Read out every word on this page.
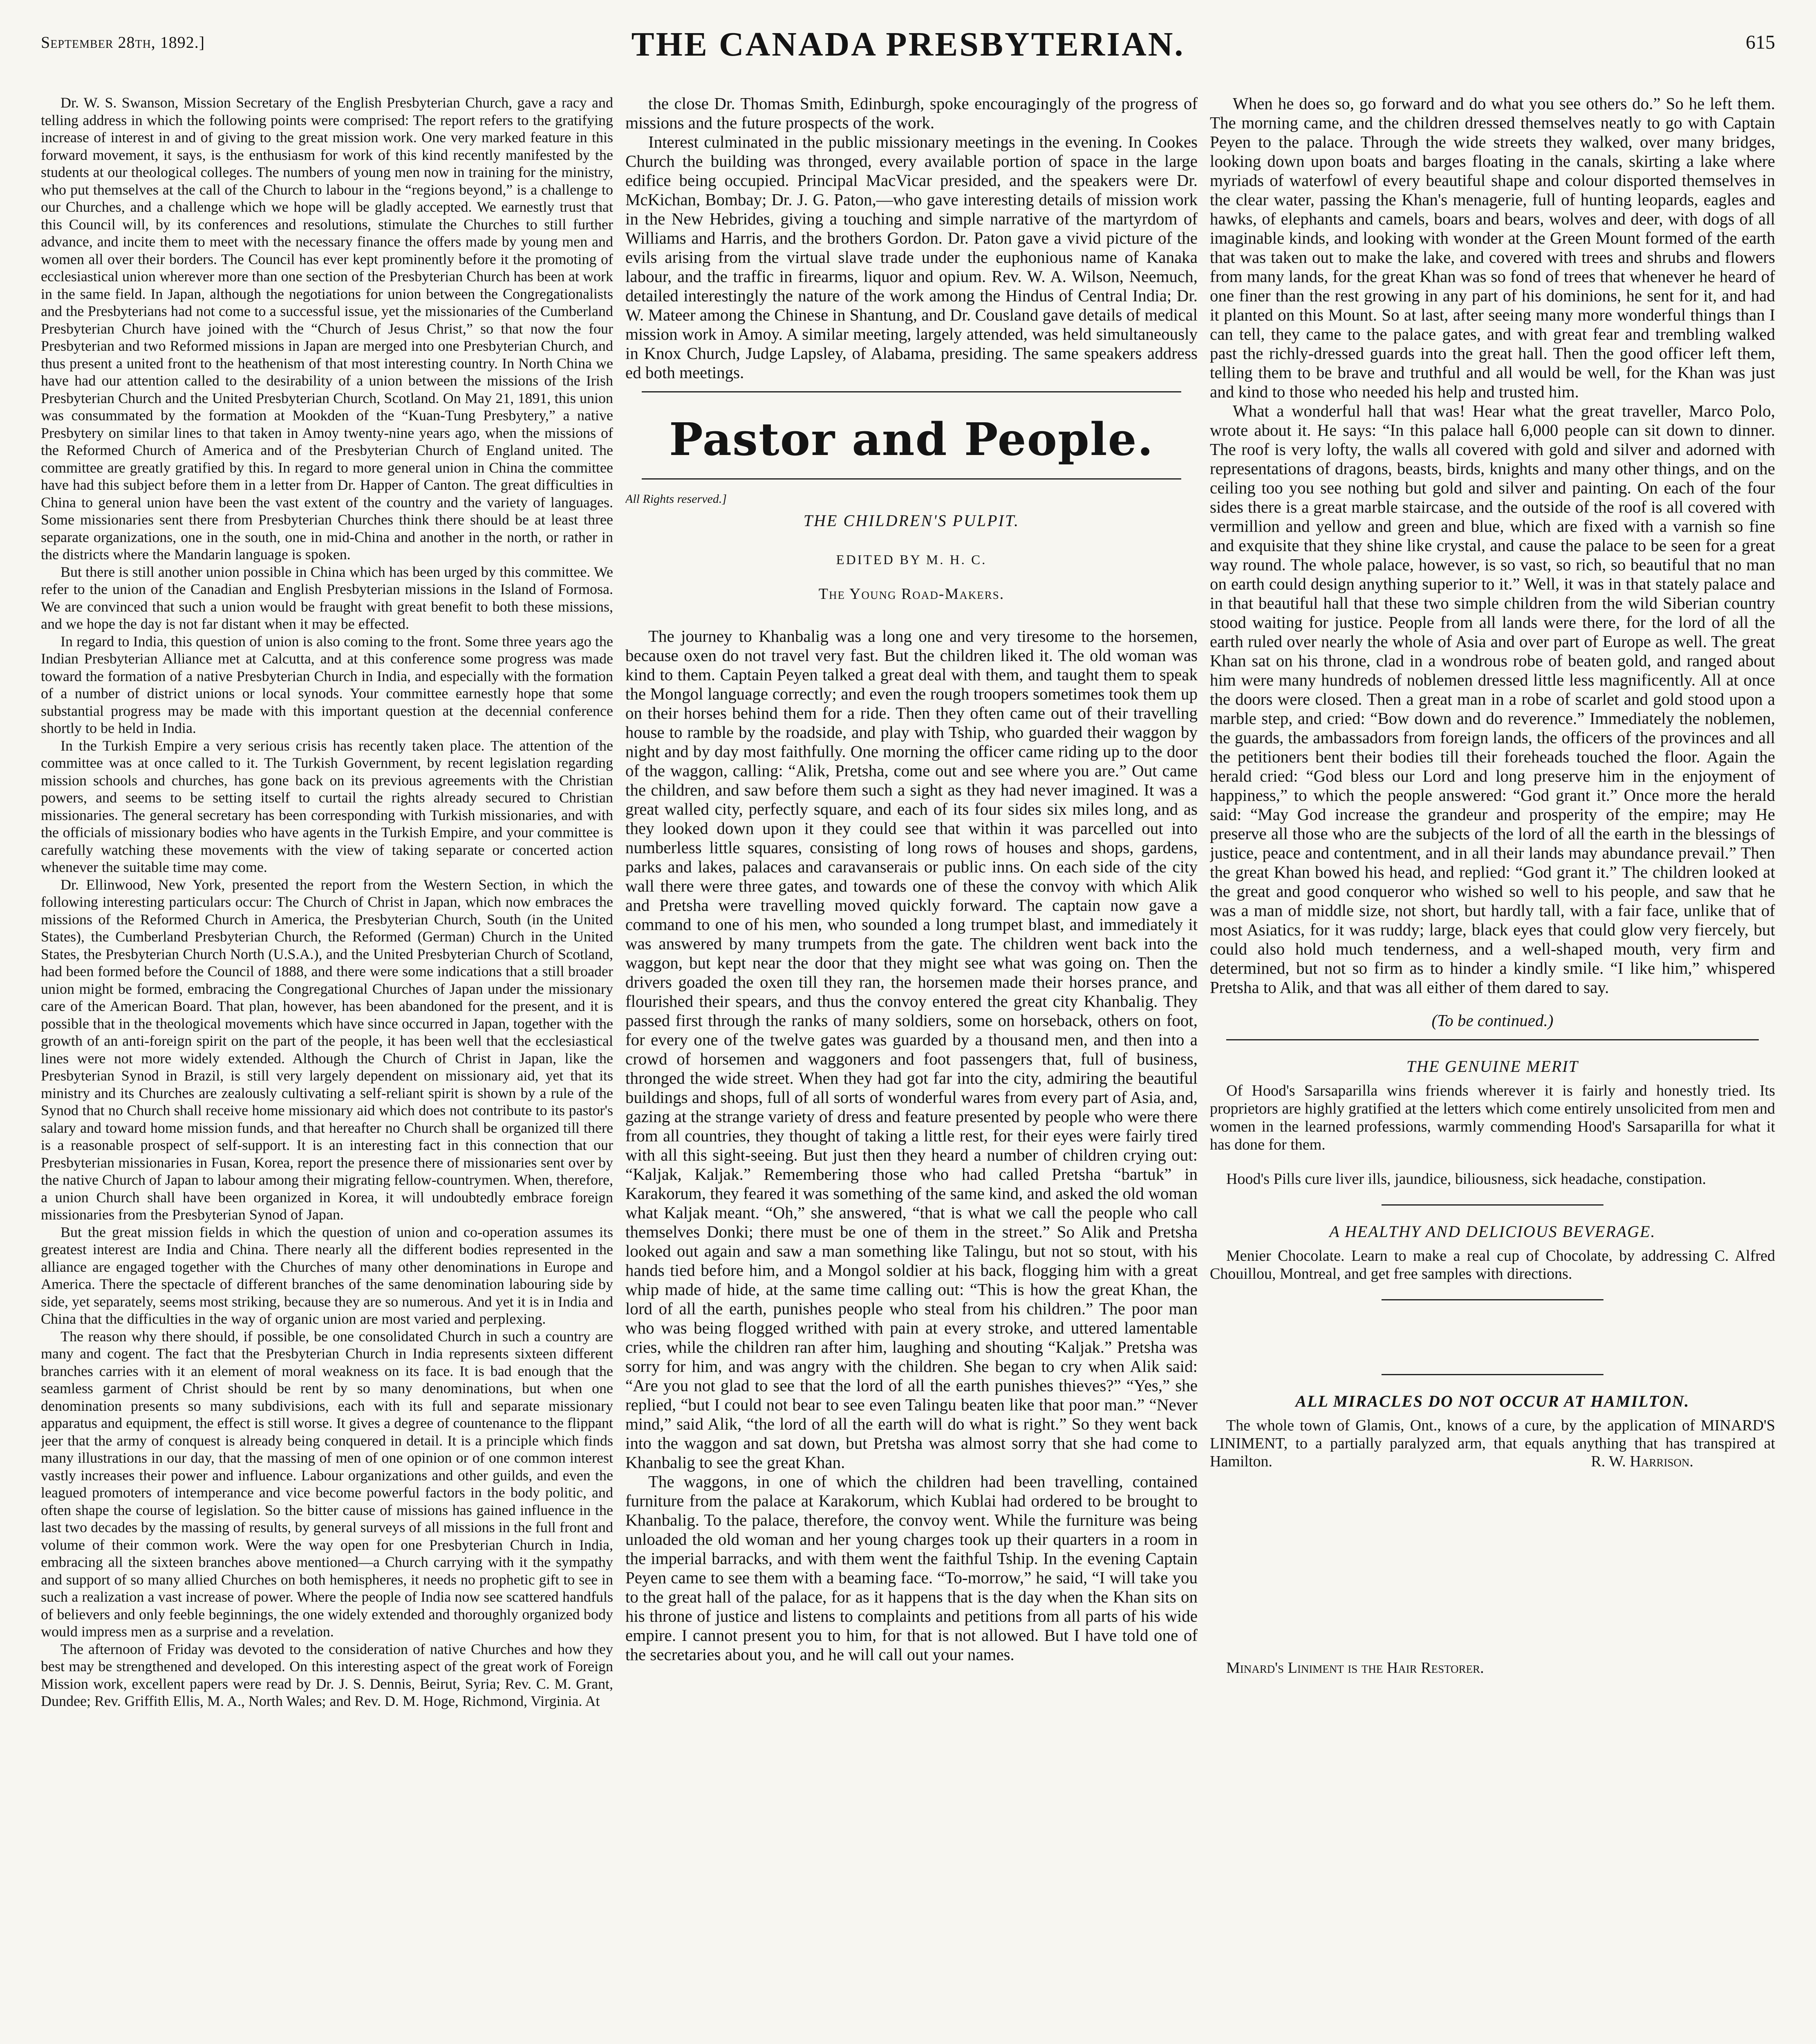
September 28th, 1892.]	THE CANADA PRESBYTERIAN.	615

Dr. W. S. Swanson, Mission Secretary of the English Presbyterian Church, gave a racy and telling address in which the following points were comprised: The report refers to the gratifying increase of interest in and of giving to the great mission work. One very marked feature in this forward movement, it says, is the enthusiasm for work of this kind recently manifested by the students at our theological colleges. The numbers of young men now in training for the ministry, who put themselves at the call of the Church to labour in the “regions beyond,” is a challenge to our Churches, and a challenge which we hope will be gladly accepted. We earnestly trust that this Council will, by its conferences and resolutions, stimulate the Churches to still further advance, and incite them to meet with the necessary finance the offers made by young men and women all over their borders. The Council has ever kept prominently before it the promoting of ecclesiastical union wherever more than one section of the Presbyterian Church has been at work in the same field. In Japan, although the negotiations for union between the Congregationalists and the Presbyterians had not come to a successful issue, yet the missionaries of the Cumberland Presbyterian Church have joined with the “Church of Jesus Christ,” so that now the four Presbyterian and two Reformed missions in Japan are merged into one Presbyterian Church, and thus present a united front to the heathenism of that most interesting country. In North China we have had our attention called to the desirability of a union between the missions of the Irish Presbyterian Church and the United Presbyterian Church, Scotland. On May 21, 1891, this union was consummated by the formation at Mookden of the “Kuan-Tung Presbytery,” a native Presbytery on similar lines to that taken in Amoy twenty-nine years ago, when the missions of the Reformed Church of America and of the Presbyterian Church of England united. The committee are greatly gratified by this. In regard to more general union in China the committee have had this subject before them in a letter from Dr. Happer of Canton. The great difficulties in China to general union have been the vast extent of the country and the variety of languages. Some missionaries sent there from Presbyterian Churches think there should be at least three separate organizations, one in the south, one in mid-China and another in the north, or rather in the districts where the Mandarin language is spoken.

But there is still another union possible in China which has been urged by this committee. We refer to the union of the Canadian and English Presbyterian missions in the Island of Formosa. We are convinced that such a union would be fraught with great benefit to both these missions, and we hope the day is not far distant when it may be effected.

In regard to India, this question of union is also coming to the front. Some three years ago the Indian Presbyterian Alliance met at Calcutta, and at this conference some progress was made toward the formation of a native Presbyterian Church in India, and especially with the formation of a number of district unions or local synods. Your committee earnestly hope that some substantial progress may be made with this important question at the decennial conference shortly to be held in India.

In the Turkish Empire a very serious crisis has recently taken place. The attention of the committee was at once called to it. The Turkish Government, by recent legislation regarding mission schools and churches, has gone back on its previous agreements with the Christian powers, and seems to be setting itself to curtail the rights already secured to Christian missionaries. The general secretary has been corresponding with Turkish missionaries, and with the officials of missionary bodies who have agents in the Turkish Empire, and your committee is carefully watching these movements with the view of taking separate or concerted action whenever the suitable time may come.

Dr. Ellinwood, New York, presented the report from the Western Section, in which the following interesting particulars occur: The Church of Christ in Japan, which now embraces the missions of the Reformed Church in America, the Presbyterian Church, South (in the United States), the Cumberland Presbyterian Church, the Reformed (German) Church in the United States, the Presbyterian Church North (U.S.A.), and the United Presbyterian Church of Scotland, had been formed before the Council of 1888, and there were some indications that a still broader union might be formed, embracing the Congregational Churches of Japan under the missionary care of the American Board. That plan, however, has been abandoned for the present, and it is possible that in the theological movements which have since occurred in Japan, together with the growth of an anti-foreign spirit on the part of the people, it has been well that the ecclesiastical lines were not more widely extended. Although the Church of Christ in Japan, like the Presbyterian Synod in Brazil, is still very largely dependent on missionary aid, yet that its ministry and its Churches are zealously cultivating a self-reliant spirit is shown by a rule of the Synod that no Church shall receive home missionary aid which does not contribute to its pastor's salary and toward home mission funds, and that hereafter no Church shall be organized till there is a reasonable prospect of self-support. It is an interesting fact in this connection that our Presbyterian missionaries in Fusan, Korea, report the presence there of missionaries sent over by the native Church of Japan to labour among their migrating fellow-countrymen. When, therefore, a union Church shall have been organized in Korea, it will undoubtedly embrace foreign missionaries from the Presbyterian Synod of Japan.

But the great mission fields in which the question of union and co-operation assumes its greatest interest are India and China. There nearly all the different bodies represented in the alliance are engaged together with the Churches of many other denominations in Europe and America. There the spectacle of different branches of the same denomination labouring side by side, yet separately, seems most striking, because they are so numerous. And yet it is in India and China that the difficulties in the way of organic union are most varied and perplexing.

The reason why there should, if possible, be one consolidated Church in such a country are many and cogent. The fact that the Presbyterian Church in India represents sixteen different branches carries with it an element of moral weakness on its face. It is bad enough that the seamless garment of Christ should be rent by so many denominations, but when one denomination presents so many subdivisions, each with its full and separate missionary apparatus and equipment, the effect is still worse. It gives a degree of countenance to the flippant jeer that the army of conquest is already being conquered in detail. It is a principle which finds many illustrations in our day, that the massing of men of one opinion or of one common interest vastly increases their power and influence. Labour organizations and other guilds, and even the leagued promoters of intemperance and vice become powerful factors in the body politic, and often shape the course of legislation. So the bitter cause of missions has gained influence in the last two decades by the massing of results, by general surveys of all missions in the full front and volume of their common work. Were the way open for one Presbyterian Church in India, embracing all the sixteen branches above mentioned—a Church carrying with it the sympathy and support of so many allied Churches on both hemispheres, it needs no prophetic gift to see in such a realization a vast increase of power. Where the people of India now see scattered handfuls of believers and only feeble beginnings, the one widely extended and thoroughly organized body would impress men as a surprise and a revelation.

The afternoon of Friday was devoted to the consideration of native Churches and how they best may be strengthened and developed. On this interesting aspect of the great work of Foreign Mission work, excellent papers were read by Dr. J. S. Dennis, Beirut, Syria; Rev. C. M. Grant, Dundee; Rev. Griffith Ellis, M. A., North Wales; and Rev. D. M. Hoge, Richmond, Virginia. At

the close Dr. Thomas Smith, Edinburgh, spoke encouragingly of the progress of missions and the future prospects of the work.

Interest culminated in the public missionary meetings in the evening. In Cookes Church the building was thronged, every available portion of space in the large edifice being occupied. Principal MacVicar presided, and the speakers were Dr. McKichan, Bombay; Dr. J. G. Paton,—who gave interesting details of mission work in the New Hebrides, giving a touching and simple narrative of the martyrdom of Williams and Harris, and the brothers Gordon. Dr. Paton gave a vivid picture of the evils arising from the virtual slave trade under the euphonious name of Kanaka labour, and the traffic in firearms, liquor and opium. Rev. W. A. Wilson, Neemuch, detailed interestingly the nature of the work among the Hindus of Central India; Dr. W. Mateer among the Chinese in Shantung, and Dr. Cousland gave details of medical mission work in Amoy. A similar meeting, largely attended, was held simultaneously in Knox Church, Judge Lapsley, of Alabama, presiding. The same speakers address ed both meetings.

Pastor and People.
All Rights reserved.]
THE CHILDREN'S PULPIT.
EDITED BY M. H. C.
The Young Road-Makers.

The journey to Khanbalig was a long one and very tiresome to the horsemen, because oxen do not travel very fast. But the children liked it. The old woman was kind to them. Captain Peyen talked a great deal with them, and taught them to speak the Mongol language correctly; and even the rough troopers sometimes took them up on their horses behind them for a ride. Then they often came out of their travelling house to ramble by the roadside, and play with Tship, who guarded their waggon by night and by day most faithfully. One morning the officer came riding up to the door of the waggon, calling: “Alik, Pretsha, come out and see where you are.” Out came the children, and saw before them such a sight as they had never imagined. It was a great walled city, perfectly square, and each of its four sides six miles long, and as they looked down upon it they could see that within it was parcelled out into numberless little squares, consisting of long rows of houses and shops, gardens, parks and lakes, palaces and caravanserais or public inns. On each side of the city wall there were three gates, and towards one of these the convoy with which Alik and Pretsha were travelling moved quickly forward. The captain now gave a command to one of his men, who sounded a long trumpet blast, and immediately it was answered by many trumpets from the gate. The children went back into the waggon, but kept near the door that they might see what was going on. Then the drivers goaded the oxen till they ran, the horsemen made their horses prance, and flourished their spears, and thus the convoy entered the great city Khanbalig. They passed first through the ranks of many soldiers, some on horseback, others on foot, for every one of the twelve gates was guarded by a thousand men, and then into a crowd of horsemen and waggoners and foot passengers that, full of business, thronged the wide street. When they had got far into the city, admiring the beautiful buildings and shops, full of all sorts of wonderful wares from every part of Asia, and, gazing at the strange variety of dress and feature presented by people who were there from all countries, they thought of taking a little rest, for their eyes were fairly tired with all this sight-seeing. But just then they heard a number of children crying out: “Kaljak, Kaljak.” Remembering those who had called Pretsha “bartuk” in Karakorum, they feared it was something of the same kind, and asked the old woman what Kaljak meant. “Oh,” she answered, “that is what we call the people who call themselves Donki; there must be one of them in the street.” So Alik and Pretsha looked out again and saw a man something like Talingu, but not so stout, with his hands tied before him, and a Mongol soldier at his back, flogging him with a great whip made of hide, at the same time calling out: “This is how the great Khan, the lord of all the earth, punishes people who steal from his children.” The poor man who was being flogged writhed with pain at every stroke, and uttered lamentable cries, while the children ran after him, laughing and shouting “Kaljak.” Pretsha was sorry for him, and was angry with the children. She began to cry when Alik said: “Are you not glad to see that the lord of all the earth punishes thieves?” “Yes,” she replied, “but I could not bear to see even Talingu beaten like that poor man.” “Never mind,” said Alik, “the lord of all the earth will do what is right.” So they went back into the waggon and sat down, but Pretsha was almost sorry that she had come to Khanbalig to see the great Khan.

The waggons, in one of which the children had been travelling, contained furniture from the palace at Karakorum, which Kublai had ordered to be brought to Khanbalig. To the palace, therefore, the convoy went. While the furniture was being unloaded the old woman and her young charges took up their quarters in a room in the imperial barracks, and with them went the faithful Tship. In the evening Captain Peyen came to see them with a beaming face. “To-morrow,” he said, “I will take you to the great hall of the palace, for as it happens that is the day when the Khan sits on his throne of justice and listens to complaints and petitions from all parts of his wide empire. I cannot present you to him, for that is not allowed. But I have told one of the secretaries about you, and he will call out your names.

When he does so, go forward and do what you see others do.” So he left them. The morning came, and the children dressed themselves neatly to go with Captain Peyen to the palace. Through the wide streets they walked, over many bridges, looking down upon boats and barges floating in the canals, skirting a lake where myriads of waterfowl of every beautiful shape and colour disported themselves in the clear water, passing the Khan's menagerie, full of hunting leopards, eagles and hawks, of elephants and camels, boars and bears, wolves and deer, with dogs of all imaginable kinds, and looking with wonder at the Green Mount formed of the earth that was taken out to make the lake, and covered with trees and shrubs and flowers from many lands, for the great Khan was so fond of trees that whenever he heard of one finer than the rest growing in any part of his dominions, he sent for it, and had it planted on this Mount. So at last, after seeing many more wonderful things than I can tell, they came to the palace gates, and with great fear and trembling walked past the richly-dressed guards into the great hall. Then the good officer left them, telling them to be brave and truthful and all would be well, for the Khan was just and kind to those who needed his help and trusted him.

What a wonderful hall that was! Hear what the great traveller, Marco Polo, wrote about it. He says: “In this palace hall 6,000 people can sit down to dinner. The roof is very lofty, the walls all covered with gold and silver and adorned with representations of dragons, beasts, birds, knights and many other things, and on the ceiling too you see nothing but gold and silver and painting. On each of the four sides there is a great marble staircase, and the outside of the roof is all covered with vermillion and yellow and green and blue, which are fixed with a varnish so fine and exquisite that they shine like crystal, and cause the palace to be seen for a great way round. The whole palace, however, is so vast, so rich, so beautiful that no man on earth could design anything superior to it.” Well, it was in that stately palace and in that beautiful hall that these two simple children from the wild Siberian country stood waiting for justice. People from all lands were there, for the lord of all the earth ruled over nearly the whole of Asia and over part of Europe as well. The great Khan sat on his throne, clad in a wondrous robe of beaten gold, and ranged about him were many hundreds of noblemen dressed little less magnificently. All at once the doors were closed. Then a great man in a robe of scarlet and gold stood upon a marble step, and cried: “Bow down and do reverence.” Immediately the noblemen, the guards, the ambassadors from foreign lands, the officers of the provinces and all the petitioners bent their bodies till their foreheads touched the floor. Again the herald cried: “God bless our Lord and long preserve him in the enjoyment of happiness,” to which the people answered: “God grant it.” Once more the herald said: “May God increase the grandeur and prosperity of the empire; may He preserve all those who are the subjects of the lord of all the earth in the blessings of justice, peace and contentment, and in all their lands may abundance prevail.” Then the great Khan bowed his head, and replied: “God grant it.” The children looked at the great and good conqueror who wished so well to his people, and saw that he was a man of middle size, not short, but hardly tall, with a fair face, unlike that of most Asiatics, for it was ruddy; large, black eyes that could glow very fiercely, but could also hold much tenderness, and a well-shaped mouth, very firm and determined, but not so firm as to hinder a kindly smile. “I like him,” whispered Pretsha to Alik, and that was all either of them dared to say.

(To be continued.)
THE GENUINE MERIT

Of Hood's Sarsaparilla wins friends wherever it is fairly and honestly tried. Its proprietors are highly gratified at the letters which come entirely unsolicited from men and women in the learned professions, warmly commending Hood's Sarsaparilla for what it has done for them.

Hood's Pills cure liver ills, jaundice, biliousness, sick headache, constipation.

A HEALTHY AND DELICIOUS BEVERAGE.

Menier Chocolate. Learn to make a real cup of Chocolate, by addressing C. Alfred Chouillou, Montreal, and get free samples with directions.

ALL MIRACLES DO NOT OCCUR AT HAMILTON.

The whole town of Glamis, Ont., knows of a cure, by the application of MINARD'S LINIMENT, to a partially paralyzed arm, that equals anything that has transpired at Hamilton.	R. W. Harrison.
Minard's Liniment is the Hair Restorer.
